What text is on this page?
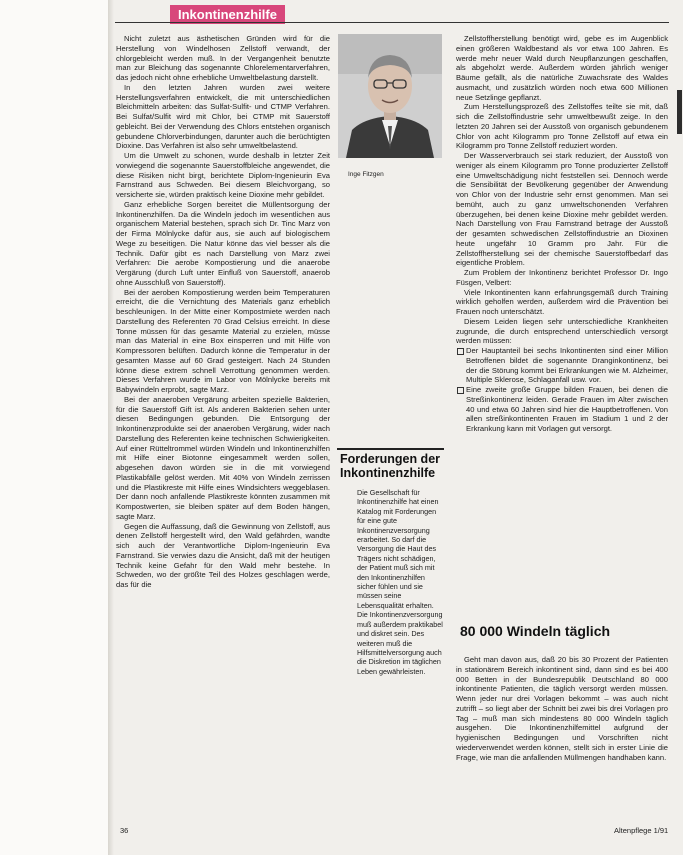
Inkontinenzhilfe

Nicht zuletzt aus ästhetischen Gründen wird für die Herstellung von Windelhosen Zellstoff verwandt, der chlorgebleicht werden muß. In der Vergangenheit benutzte man zur Bleichung das sogenannte Chlorelementarverfahren, das jedoch nicht ohne erhebliche Umweltbelastung darstellt.

In den letzten Jahren wurden zwei weitere Herstellungsverfahren entwickelt, die mit unterschiedlichen Bleichmitteln arbeiten: das Sulfat-Sulfit- und CTMP Verfahren. Bei Sulfat/Sulfit wird mit Chlor, bei CTMP mit Sauerstoff gebleicht. Bei der Verwendung des Chlors entstehen organisch gebundene Chlorverbindungen, darunter auch die berüchtigten Dioxine. Das Verfahren ist also sehr umweltbelastend.

Um die Umwelt zu schonen, wurde deshalb in letzter Zeit vorwiegend die sogenannte Sauerstoffbleiche angewendet, die diese Risiken nicht birgt, berichtete Diplom-Ingenieurin Eva Farnstrand aus Schweden. Bei diesem Bleichvorgang, so versicherte sie, würden praktisch keine Dioxine mehr gebildet.

Ganz erhebliche Sorgen bereitet die Müllentsorgung der Inkontinenzhilfen. Da die Windeln jedoch im wesentlichen aus organischem Material bestehen, sprach sich Dr. Tinc Marz von der Firma Mölnlycke dafür aus, sie auch auf biologischem Wege zu beseitigen. Die Natur könne das viel besser als die Technik. Dafür gibt es nach Darstellung von Marz zwei Verfahren: Die aerobe Kompostierung und die anaerobe Vergärung (durch Luft unter Einfluß von Sauerstoff, anaerob ohne Ausschluß von Sauerstoff).

Bei der aeroben Kompostierung werden beim Temperaturen erreicht, die die Vernichtung des Materials ganz erheblich beschleunigen. In der Mitte einer Kompostmiete werden nach Darstellung des Referenten 70 Grad Celsius erreicht. In diese Tonne müssen für das gesamte Material zu erzielen, müsse man das Material in eine Box einsperren und mit Hilfe von Kompressoren belüften. Dadurch könne die Temperatur in der gesamten Masse auf 60 Grad gesteigert. Nach 24 Stunden könne diese extrem schnell Verrottung genommen werden. Dieses Verfahren wurde im Labor von Mölnlycke bereits mit Babywindeln erprobt, sagte Marz.

Bei der anaeroben Vergärung arbeiten spezielle Bakterien, für die Sauerstoff Gift ist. Als anderen Bakterien sehen unter diesen Bedingungen gebunden. Die Entsorgung der Inkontinenzprodukte sei der anaeroben Vergärung, wider nach Darstellung des Referenten keine technischen Schwierigkeiten. Auf einer Rütteltrommel würden Windeln und Inkontinenzhilfen mit Hilfe einer Biotonne eingesammelt werden sollen, abgesehen davon würden sie in die mit vorwiegend Plastikabfälle gelöst werden. Mit 40% von Windeln zerrissen und die Plastikreste mit Hilfe eines Windsichters weggeblasen. Der dann noch anfallende Plastikreste könnten zusammen mit Kompostwerten, sie bleiben später auf dem Boden hängen, sagte Marz.

Gegen die Auffassung, daß die Gewinnung von Zellstoff, aus denen Zellstoff hergestellt wird, den Wald gefährden, wandte sich auch der Verantwortliche Diplom-Ingenieurin Eva Farnstrand. Sie verwies dazu die Ansicht, daß mit der heutigen Technik keine Gefahr für den Wald mehr bestehe. In Schweden, wo der größte Teil des Holzes geschlagen werde, das für die

Inge Fitzgen
Forderungen der Inkontinenzhilfe
Die Gesellschaft für Inkontinenzhilfe hat einen Katalog mit Forderungen für eine gute Inkontinenzversorgung erarbeitet. So darf die Versorgung die Haut des Trägers nicht schädigen, der Patient muß sich mit den Inkontinenzhilfen sicher fühlen und sie müssen seine Lebensqualität erhalten. Die Inkontinenzversorgung muß außerdem praktikabel und diskret sein. Des weiteren muß die Hilfsmittelversorgung auch die Diskretion im täglichen Leben gewährleisten.

Zellstoffherstellung benötigt wird, gebe es im Augenblick einen größeren Waldbestand als vor etwa 100 Jahren. Es werde mehr neuer Wald durch Neupflanzungen geschaffen, als abgeholzt werde. Außerdem würden jährlich weniger Bäume gefällt, als die natürliche Zuwachsrate des Waldes ausmacht, und zusätzlich würden noch etwa 600 Millionen neue Setzlinge gepflanzt.

Zum Herstellungsprozeß des Zellstoffes teilte sie mit, daß sich die Zellstoffindustrie sehr umweltbewußt zeige. In den letzten 20 Jahren sei der Ausstoß von organisch gebundenem Chlor von acht Kilogramm pro Tonne Zellstoff auf etwa ein Kilogramm pro Tonne Zellstoff reduziert worden.

Der Wasserverbrauch sei stark reduziert, der Ausstoß von weniger als einem Kilogramm pro Tonne produzierter Zellstoff eine Umweltschädigung nicht feststellen sei. Dennoch werde die Sensibilität der Bevölkerung gegenüber der Anwendung von Chlor von der Industrie sehr ernst genommen. Man sei bemüht, auch zu ganz umweltschonenden Verfahren überzugehen, bei denen keine Dioxine mehr gebildet werden. Nach Darstellung von Frau Farnstrand betrage der Ausstoß der gesamten schwedischen Zellstoffindustrie an Dioxinen heute ungefähr 10 Gramm pro Jahr. Für die Zellstoffherstellung sei der chemische Sauerstoffbedarf das eigentliche Problem.

Zum Problem der Inkontinenz berichtet Professor Dr. Ingo Füsgen, Velbert:

Viele Inkontinenten kann erfahrungsgemäß durch Training wirklich geholfen werden, außerdem wird die Prävention bei Frauen noch unterschätzt.

Diesem Leiden liegen sehr unterschiedliche Krankheiten zugrunde, die durch entsprechend unterschiedlich versorgt werden müssen:

Der Hauptanteil bei sechs Inkontinenten sind einer Million Betroffenen bildet die sogenannte Dranginkontinenz, bei der die Störung kommt bei Erkrankungen wie M. Alzheimer, Multiple Sklerose, Schlaganfall usw. vor.
Eine zweite große Gruppe bilden Frauen, bei denen die Streßinkontinenz leiden. Gerade Frauen im Alter zwischen 40 und etwa 60 Jahren sind hier die Hauptbetroffenen. Von allen streßinkontinenten Frauen im Stadium 1 und 2 der Erkrankung kann mit Vorlagen gut versorgt.
80 000 Windeln täglich

Geht man davon aus, daß 20 bis 30 Prozent der Patienten in stationärem Bereich inkontinent sind, dann sind es bei 400 000 Betten in der Bundesrepublik Deutschland 80 000 inkontinente Patienten, die täglich versorgt werden müssen. Wenn jeder nur drei Vorlagen bekommt – was auch nicht zutrifft – so liegt aber der Schnitt bei zwei bis drei Vorlagen pro Tag – muß man sich mindestens 80 000 Windeln täglich ausgehen. Die Inkontinenzhilfemittel aufgrund der hygienischen Bedingungen und Vorschriften nicht wiederverwendet werden können, stellt sich in erster Linie die Frage, wie man die anfallenden Müllmengen handhaben kann.

36	Altenpflege 1/91
